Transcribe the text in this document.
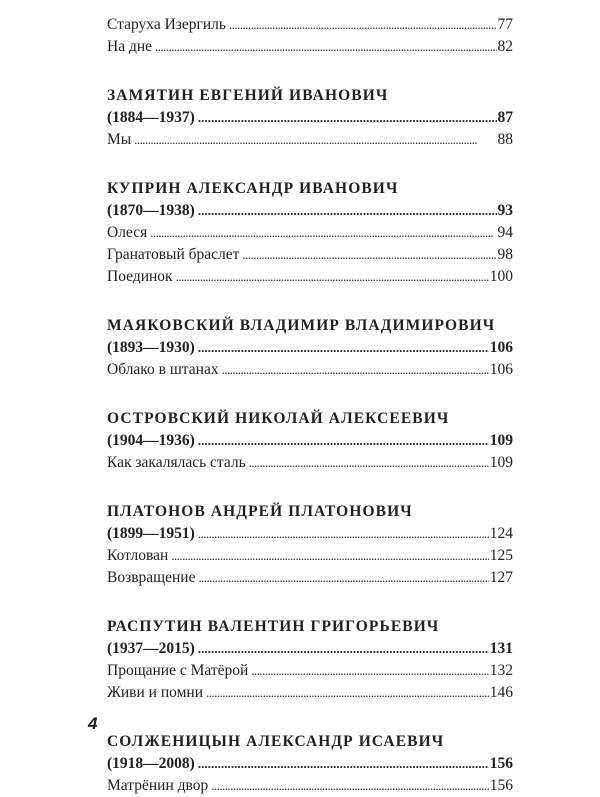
Старуха Изергиль . . .	77
На дне . . .	82
ЗАМЯТИН ЕВГЕНИЙ ИВАНОВИЧ
(1884—1937) . . .	87
Мы . . .	88
КУПРИН АЛЕКСАНДР ИВАНОВИЧ
(1870—1938) . . .	93
Олеся . . .	94
Гранатовый браслет . . .	98
Поединок . . .	100
МАЯКОВСКИЙ ВЛАДИМИР ВЛАДИМИРОВИЧ
(1893—1930) . . .	106
Облако в штанах . . .	106
ОСТРОВСКИЙ НИКОЛАЙ АЛЕКСЕЕВИЧ
(1904—1936) . . .	109
Как закалялась сталь . . .	109
ПЛАТОНОВ АНДРЕЙ ПЛАТОНОВИЧ
(1899—1951) . . .	124
Котлован . . .	125
Возвращение . . .	127
РАСПУТИН ВАЛЕНТИН ГРИГОРЬЕВИЧ
(1937—2015) . . .	131
Прощание с Матёрой . . .	132
Живи и помни . . .	146
СОЛЖЕНИЦЫН АЛЕКСАНДР ИСАЕВИЧ
(1918—2008) . . .	156
Матрёнин двор . . .	156
4
